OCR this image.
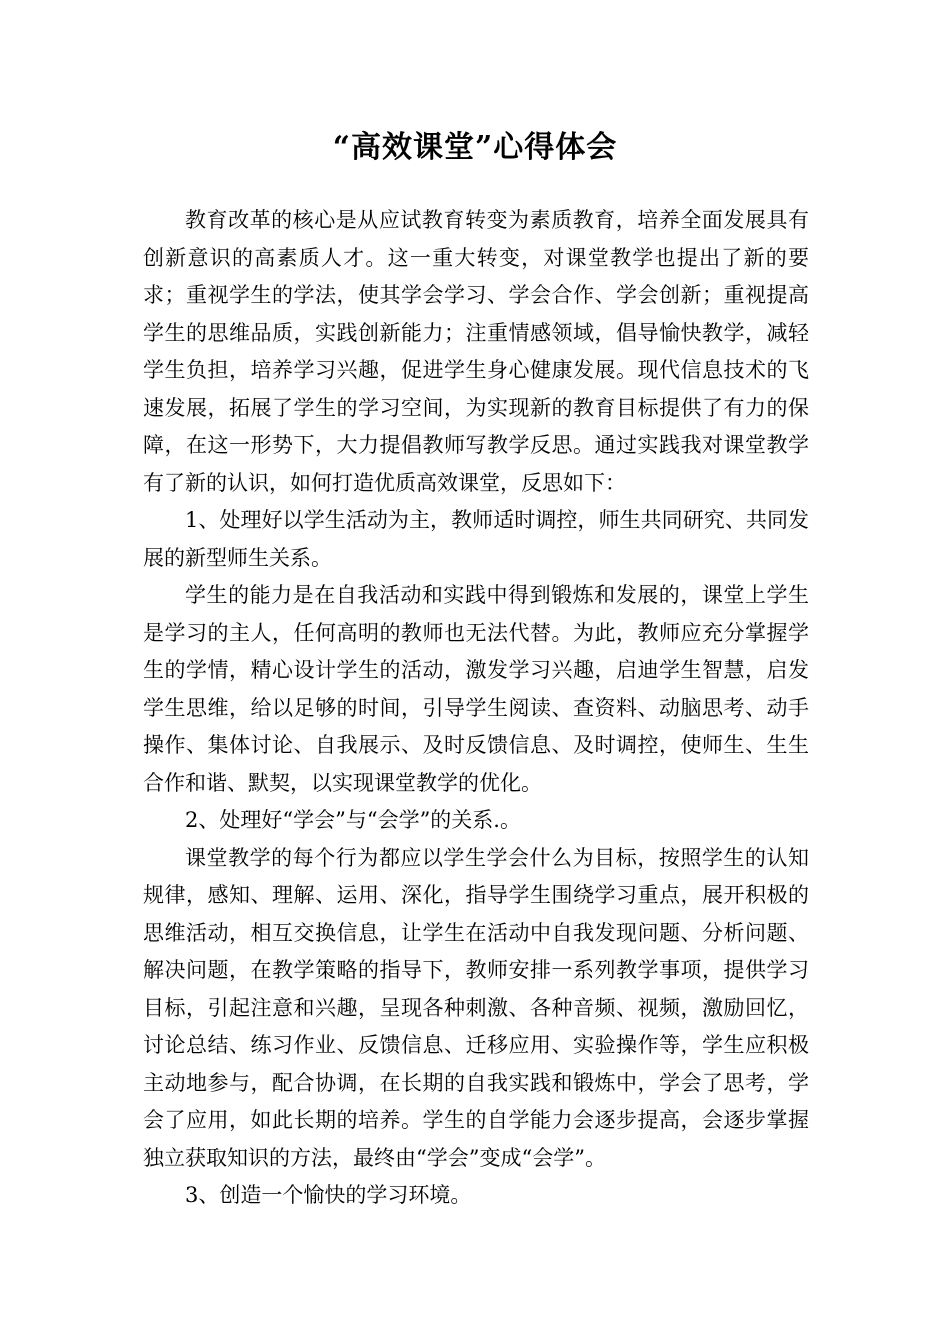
“高效课堂”心得体会

教育改革的核心是从应试教育转变为素质教育，培养全面发展具有创新意识的高素质人才。这一重大转变，对课堂教学也提出了新的要求；重视学生的学法，使其学会学习、学会合作、学会创新；重视提高学生的思维品质，实践创新能力；注重情感领域，倡导愉快教学，减轻学生负担，培养学习兴趣，促进学生身心健康发展。现代信息技术的飞速发展，拓展了学生的学习空间，为实现新的教育目标提供了有力的保障，在这一形势下，大力提倡教师写教学反思。通过实践我对课堂教学有了新的认识，如何打造优质高效课堂，反思如下：

1、处理好以学生活动为主，教师适时调控，师生共同研究、共同发展的新型师生关系。

学生的能力是在自我活动和实践中得到锻炼和发展的，课堂上学生是学习的主人，任何高明的教师也无法代替。为此，教师应充分掌握学生的学情，精心设计学生的活动，激发学习兴趣，启迪学生智慧，启发学生思维，给以足够的时间，引导学生阅读、查资料、动脑思考、动手操作、集体讨论、自我展示、及时反馈信息、及时调控，使师生、生生合作和谐、默契，以实现课堂教学的优化。

2、处理好“学会”与“会学”的关系.。

课堂教学的每个行为都应以学生学会什么为目标，按照学生的认知规律，感知、理解、运用、深化，指导学生围绕学习重点，展开积极的思维活动，相互交换信息，让学生在活动中自我发现问题、分析问题、解决问题，在教学策略的指导下，教师安排一系列教学事项，提供学习目标，引起注意和兴趣，呈现各种刺激、各种音频、视频，激励回忆，讨论总结、练习作业、反馈信息、迁移应用、实验操作等，学生应积极主动地参与，配合协调，在长期的自我实践和锻炼中，学会了思考，学会了应用，如此长期的培养。学生的自学能力会逐步提高，会逐步掌握独立获取知识的方法，最终由“学会”变成“会学”。

3、创造一个愉快的学习环境。
